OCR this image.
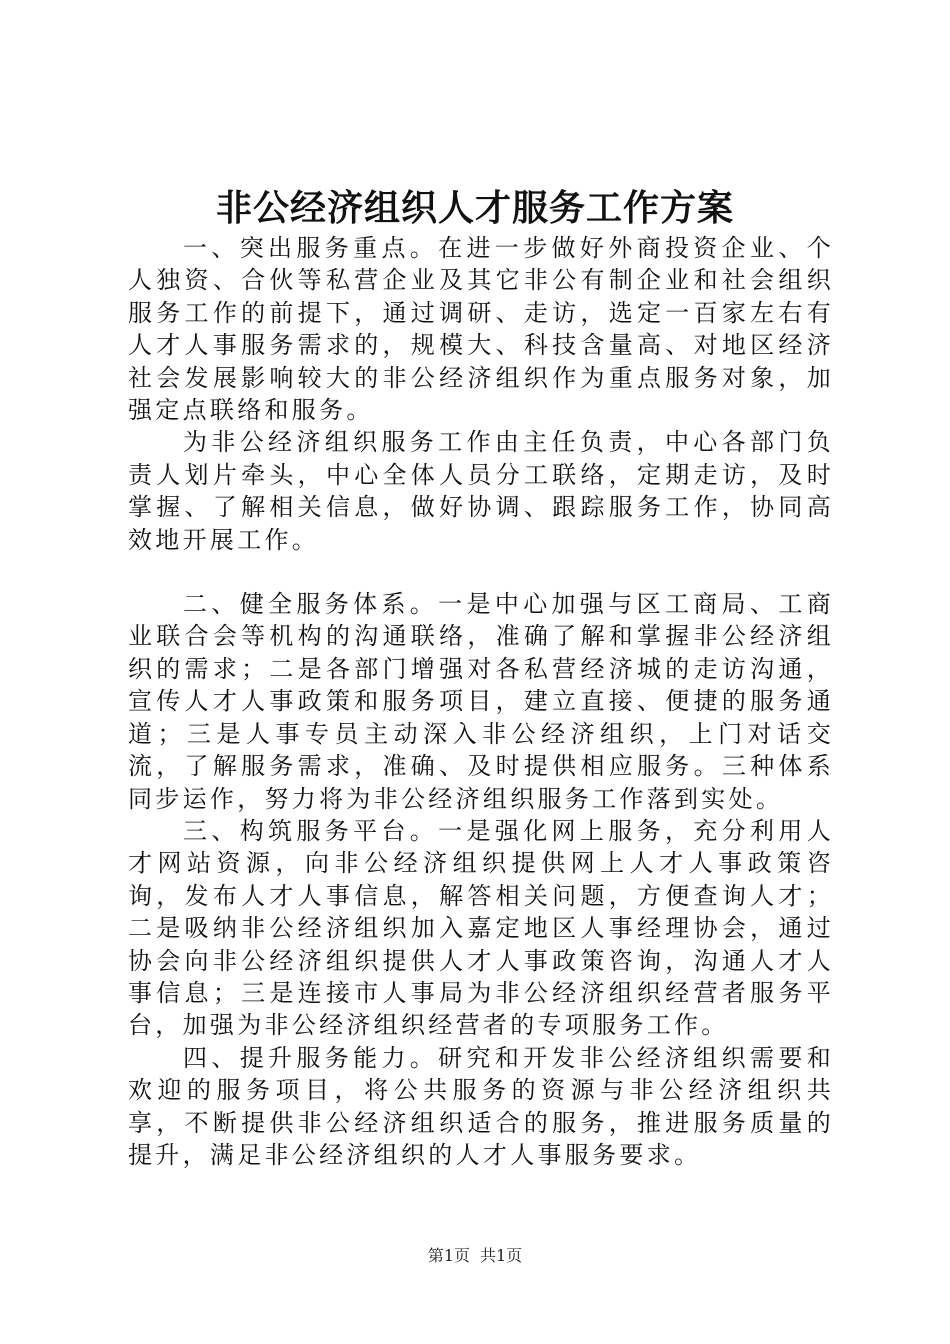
非公经济组织人才服务工作方案

一、突出服务重点。在进一步做好外商投资企业、个人独资、合伙等私营企业及其它非公有制企业和社会组织服务工作的前提下，通过调研、走访，选定一百家左右有人才人事服务需求的，规模大、科技含量高、对地区经济社会发展影响较大的非公经济组织作为重点服务对象，加强定点联络和服务。

为非公经济组织服务工作由主任负责，中心各部门负责人划片牵头，中心全体人员分工联络，定期走访，及时掌握、了解相关信息，做好协调、跟踪服务工作，协同高效地开展工作。

二、健全服务体系。一是中心加强与区工商局、工商业联合会等机构的沟通联络，准确了解和掌握非公经济组织的需求；二是各部门增强对各私营经济城的走访沟通，宣传人才人事政策和服务项目，建立直接、便捷的服务通道；三是人事专员主动深入非公经济组织，上门对话交流，了解服务需求，准确、及时提供相应服务。三种体系同步运作，努力将为非公经济组织服务工作落到实处。

三、构筑服务平台。一是强化网上服务，充分利用人才网站资源，向非公经济组织提供网上人才人事政策咨询，发布人才人事信息，解答相关问题，方便查询人才；二是吸纳非公经济组织加入嘉定地区人事经理协会，通过协会向非公经济组织提供人才人事政策咨询，沟通人才人事信息；三是连接市人事局为非公经济组织经营者服务平台，加强为非公经济组织经营者的专项服务工作。

四、提升服务能力。研究和开发非公经济组织需要和欢迎的服务项目，将公共服务的资源与非公经济组织共享，不断提供非公经济组织适合的服务，推进服务质量的提升，满足非公经济组织的人才人事服务要求。

第1页 共1页
